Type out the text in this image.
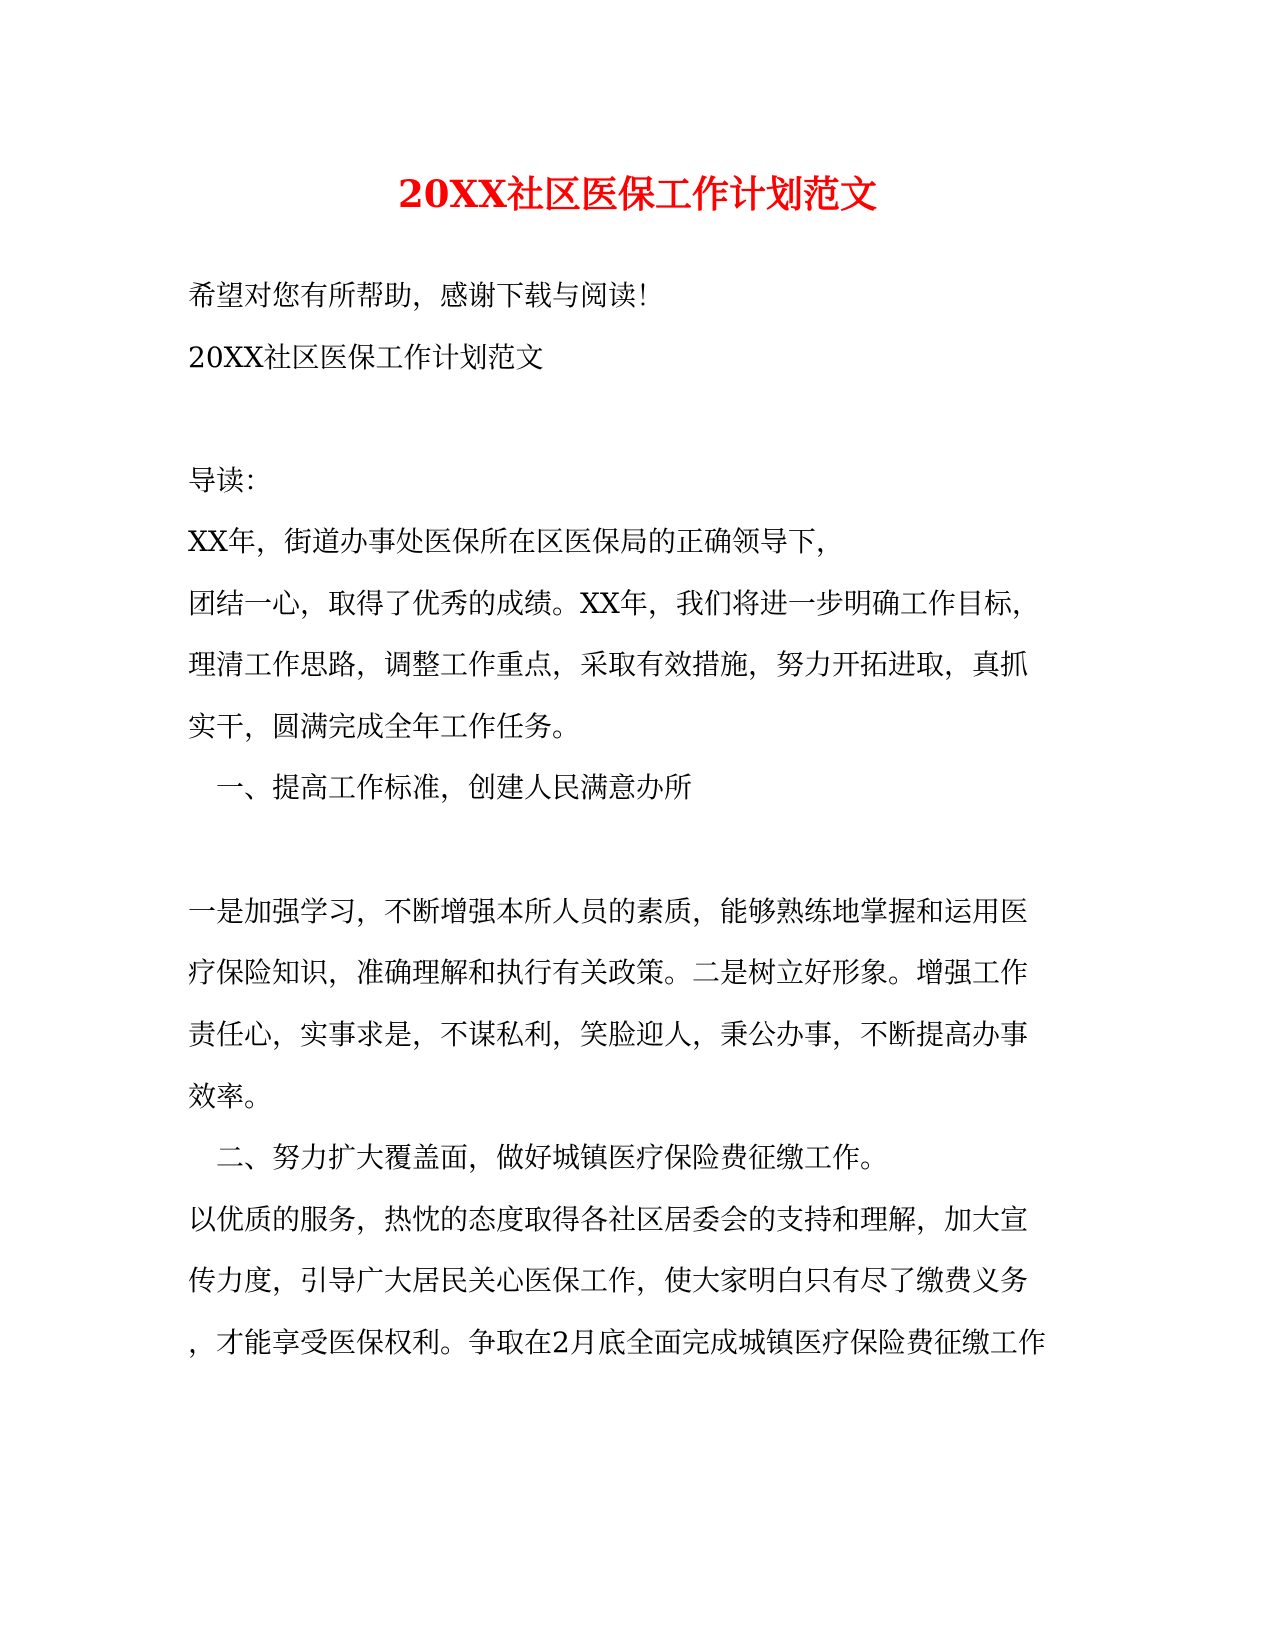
20XX社区医保工作计划范文

希望对您有所帮助，感谢下载与阅读！

20XX社区医保工作计划范文

导读：

XX年，街道办事处医保所在区医保局的正确领导下，

团结一心，取得了优秀的成绩。XX年，我们将进一步明确工作目标，

理清工作思路，调整工作重点，采取有效措施，努力开拓进取，真抓

实干，圆满完成全年工作任务。

一、提高工作标准，创建人民满意办所

一是加强学习，不断增强本所人员的素质，能够熟练地掌握和运用医

疗保险知识，准确理解和执行有关政策。二是树立好形象。增强工作

责任心，实事求是，不谋私利，笑脸迎人，秉公办事，不断提高办事

效率。

二、努力扩大覆盖面，做好城镇医疗保险费征缴工作。

以优质的服务，热忱的态度取得各社区居委会的支持和理解，加大宣

传力度，引导广大居民关心医保工作，使大家明白只有尽了缴费义务

，才能享受医保权利。争取在2月底全面完成城镇医疗保险费征缴工作
